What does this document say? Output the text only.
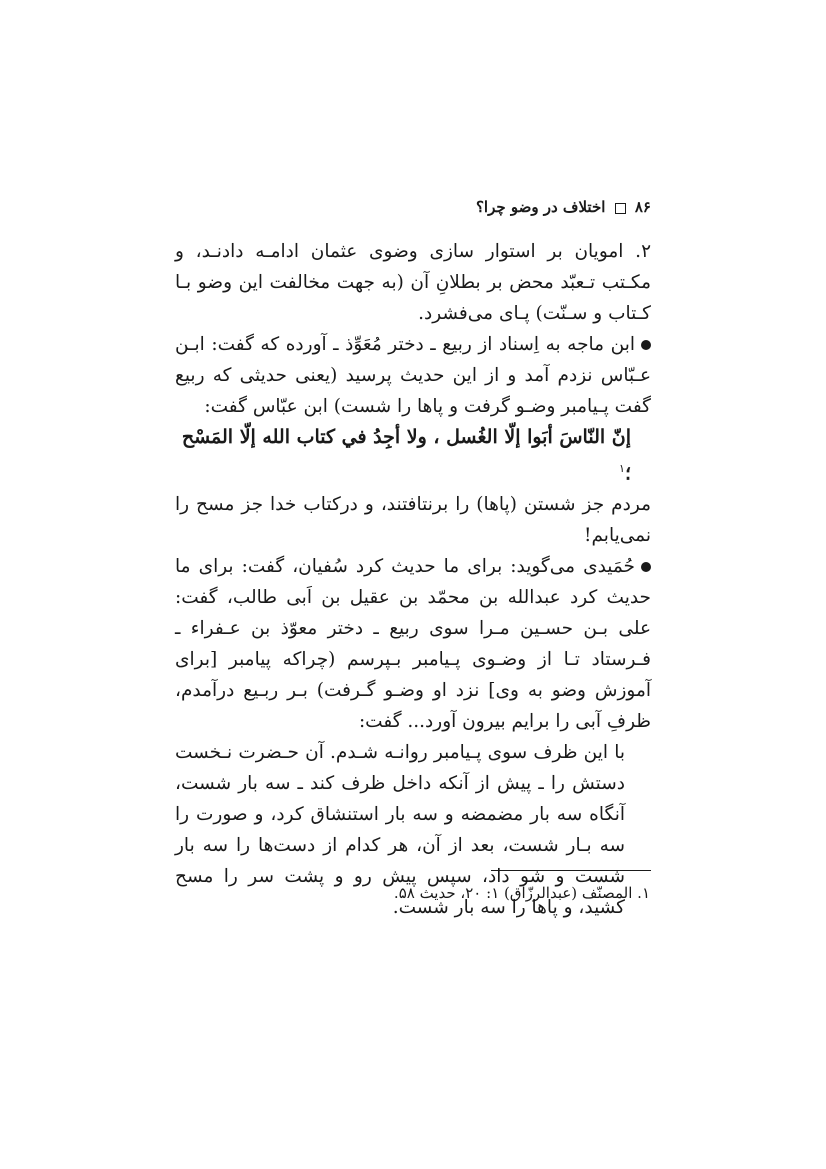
۸۶  اختلاف در وضو چرا؟

۲. امویان بر استوار سازی وضوی عثمان ادامـه دادنـد، و مکـتب تـعبّد محض بر بطلانِ آن (به جهت مخالفت این وضو بـا کـتاب و سـنّت) پـای می‌فشرد.

ابن ماجه به اِسناد از ربیع ـ دختر مُعَوِّذ ـ آورده که گفت: ابـن عـبّاس نزدم آمد و از این حدیث پرسید (یعنی حدیثی که ربیع گفت پـیامبر وضـو گرفت و پاها را شست) ابن عبّاس گفت:

إنّ النّاسَ أبَوا إلّا الغُسل ، ولا أجِدُ في كتاب الله إلّا المَسْح ؛$^۱$

مردم جز شستن (پاها) را برنتافتند، و درکتاب خدا جز مسح را نمی‌یابم!

حُمَیدی می‌گوید: برای ما حدیث کرد سُفیان، گفت: برای ما حدیث کرد عبدالله بن محمّد بن عقیل بن اَبی طالب، گفت: علی بـن حسـین مـرا سوی ربیع ـ دختر معوّذ بن عـفراء ـ فـرستاد تـا از وضـوی پـیامبر بـپرسم (چراکه پیامبر [برای آموزش وضو به وی] نزد او وضـو گـرفت) بـر ربـیع درآمدم، ظرفِ آبی را برایم بیرون آورد... گفت:

با این ظرف سوی پـیامبر روانـه شـدم. آن حـضرت نـخست دستش را ـ پیش از آنکه داخل ظرف کند ـ سه بار شست، آنگاه سه بار مضمضه و سه بار استنشاق کرد، و صورت را سه بـار شست، بعد از آن، هر کدام از دست‌ها را سه بار شست و شو داد، سپس پیش رو و پشت سر را مسح کشید، و پاها را سه بار شست.

۱. المصنّف (عبدالرزّاق) ۱: ۲۰، حدیث ۵۸.
